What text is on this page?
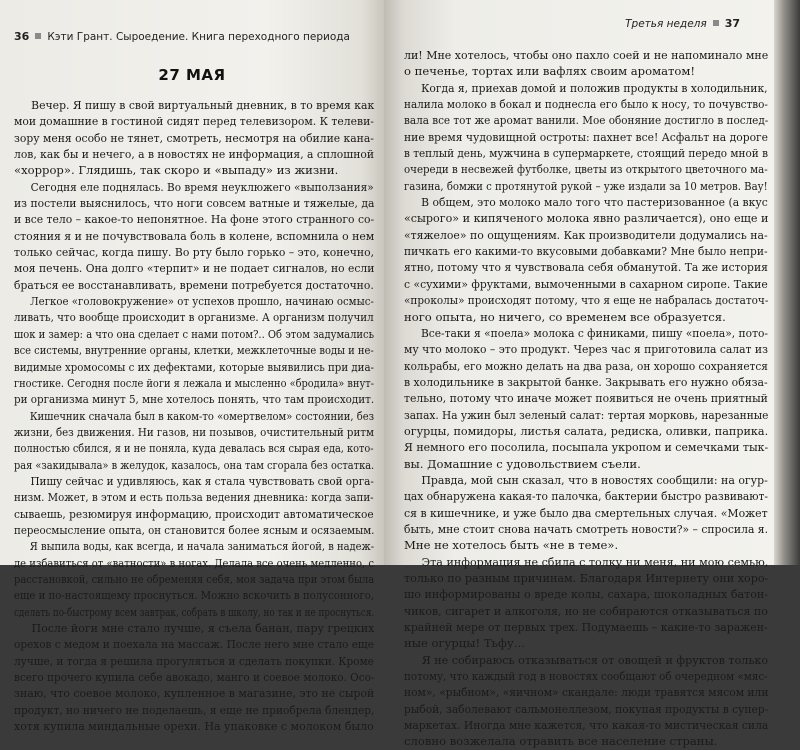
36 Кэти Грант. Сыроедение. Книга переходного периода
27 МАЯ
Вечер. Я пишу в свой виртуальный дневник, в то время как
мои домашние в гостиной сидят перед телевизором. К телеви-
зору меня особо не тянет, смотреть, несмотря на обилие кана-
лов, как бы и нечего, а в новостях не информация, а сплошной
«хоррор». Глядишь, так скоро и «выпаду» из жизни.
Сегодня еле поднялась. Во время неуклюжего «выползания»
из постели выяснилось, что ноги совсем ватные и тяжелые, да
и все тело – какое-то непонятное. На фоне этого странного со-
стояния я и не почувствовала боль в колене, вспомнила о нем
только сейчас, когда пишу. Во рту было горько – это, конечно,
моя печень. Она долго «терпит» и не подает сигналов, но если
браться ее восстанавливать, времени потребуется достаточно.
Легкое «головокружение» от успехов прошло, начинаю осмыс-
ливать, что вообще происходит в организме. А организм получил
шок и замер: а что она сделает с нами потом?.. Об этом задумались
все системы, внутренние органы, клетки, межклеточные воды и не-
видимые хромосомы с их дефектами, которые выявились при диа-
гностике. Сегодня после йоги я лежала и мысленно «бродила» внут-
ри организма минут 5, мне хотелось понять, что там происходит.
Кишечник сначала был в каком-то «омертвелом» состоянии, без
жизни, без движения. Ни газов, ни позывов, очистительный ритм
полностью сбился, я и не поняла, куда девалась вся сырая еда, кото-
рая «закидывала» в желудок, казалось, она там сгорала без остатка.
Пишу сейчас и удивляюсь, как я стала чувствовать свой орга-
низм. Может, в этом и есть польза ведения дневника: когда запи-
сываешь, резюмируя информацию, происходит автоматическое
переосмысление опыта, он становится более ясным и осязаемым.
Я выпила воды, как всегда, и начала заниматься йогой, в надеж-
де избавиться от «ватности» в ногах. Делала все очень медленно, с
расстановкой, сильно не обременяя себя, моя задача при этом была
еще и по-настоящему проснуться. Можно вскочить в полусонного,
сделать по-быстрому всем завтрак, собрать в школу, но так и не проснуться.
После йоги мне стало лучше, я съела банан, пару грецких
орехов с медом и поехала на массаж. После него мне стало еще
лучше, и тогда я решила прогуляться и сделать покупки. Кроме
всего прочего купила себе авокадо, манго и соевое молоко. Осо-
знаю, что соевое молоко, купленное в магазине, это не сырой
продукт, но ничего не поделаешь, я еще не приобрела блендер,
хотя купила миндальные орехи. На упаковке с молоком было
Третья неделя 37
ли! Мне хотелось, чтобы оно пахло соей и не напоминало мне
о печенье, тортах или вафлях своим ароматом!
Когда я, приехав домой и положив продукты в холодильник,
налила молоко в бокал и поднесла его было к носу, то почувство-
вала все тот же аромат ванили. Мое обоняние достигло в послед-
ние время чудовищной остроты: пахнет все! Асфальт на дороге
в теплый день, мужчина в супермаркете, стоящий передо мной в
очереди в несвежей футболке, цветы из открытого цветочного ма-
газина, бомжи с протянутой рукой – уже издали за 10 метров. Вау!
В общем, это молоко мало того что пастеризованное (а вкус
«сырого» и кипяченого молока явно различается), оно еще и
«тяжелое» по ощущениям. Как производители додумались на-
пичкать его какими-то вкусовыми добавками? Мне было непри-
ятно, потому что я чувствовала себя обманутой. Та же история
с «сухими» фруктами, вымоченными в сахарном сиропе. Такие
«проколы» происходят потому, что я еще не набралась достаточ-
ного опыта, но ничего, со временем все образуется.
Все-таки я «поела» молока с финиками, пишу «поела», пото-
му что молоко – это продукт. Через час я приготовила салат из
кольрабы, его можно делать на два раза, он хорошо сохраняется
в холодильнике в закрытой банке. Закрывать его нужно обяза-
тельно, потому что иначе может появиться не очень приятный
запах. На ужин был зеленый салат: тертая морковь, нарезанные
огурцы, помидоры, листья салата, редиска, оливки, паприка.
Я немного его посолила, посыпала укропом и семечками тык-
вы. Домашние с удовольствием съели.
Правда, мой сын сказал, что в новостях сообщили: на огур-
цах обнаружена какая-то палочка, бактерии быстро развивают-
ся в кишечнике, и уже было два смертельных случая. «Может
быть, мне стоит снова начать смотреть новости?» – спросила я.
Мне не хотелось быть «не в теме».
Эта информация не сбила с толку ни меня, ни мою семью,
только по разным причинам. Благодаря Интернету они хоро-
шо информированы о вреде колы, сахара, шоколадных батон-
чиков, сигарет и алкоголя, но не собираются отказываться по
крайней мере от первых трех. Подумаешь – какие-то заражен-
ные огурцы! Тьфу...
Я не собираюсь отказываться от овощей и фруктов только
потому, что каждый год в новостях сообщают об очередном «мяс-
ном», «рыбном», «яичном» скандале: люди травятся мясом или
рыбой, заболевают сальмонеллезом, покупая продукты в супер-
маркетах. Иногда мне кажется, что какая-то мистическая сила
словно возжелала отравить все население страны.
